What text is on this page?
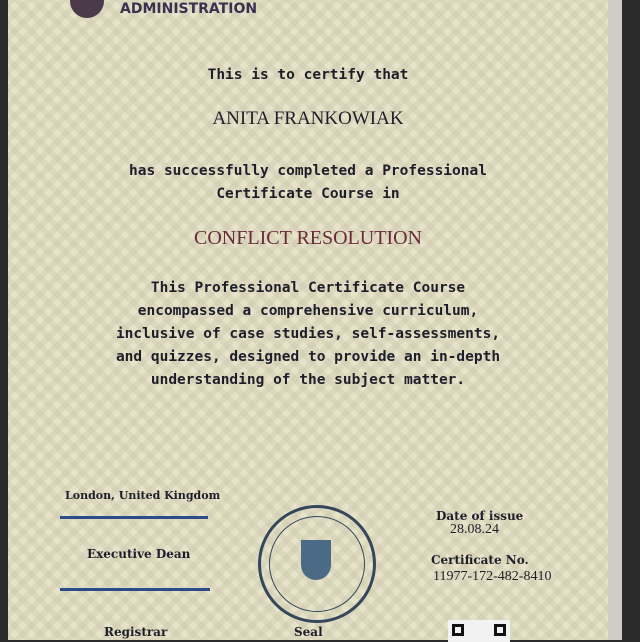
ADMINISTRATION
This is to certify that
ANITA FRANKOWIAK
has successfully completed a Professional
Certificate Course in
CONFLICT RESOLUTION
This Professional Certificate Course
encompassed a comprehensive curriculum,
inclusive of case studies, self-assessments,
and quizzes, designed to provide an in-depth
understanding of the subject matter.
London, United Kingdom
Executive Dean
Registrar	Seal
Date of issue
28.08.24
Certificate No.
11977-172-482-8410
